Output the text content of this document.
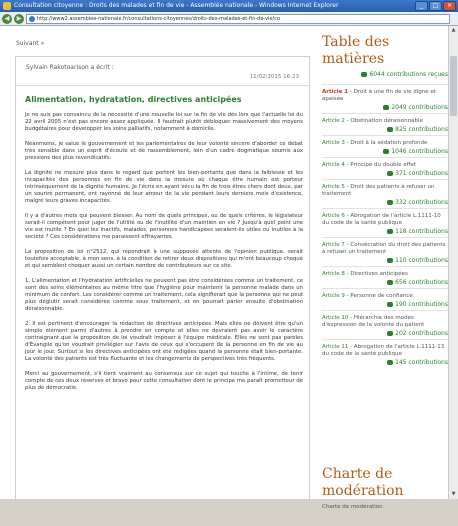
Consultation citoyenne : Droits des malades et fin de vie - Assemblée nationale - Windows Internet Explorer	_	□	×
◀	▶	http://www2.assemblee-nationale.fr/consultations-citoyennes/droits-des-malades-et-fin-de-vie/co
Suivant »
Sylvain Rakotoarison a écrit :
11/02/2015 16:23
Alimentation, hydratation, directives anticipées

Je ne suis pas convaincu de la nécessité d'une nouvelle loi sur la fin de vie dès lors que l'actuelle loi du 22 avril 2005 n'est pas encore assez appliquée. Il faudrait plutôt débloquer massivement des moyens budgétaires pour développer les soins palliatifs, notamment à domicile.

Néanmoins, je salue le gouvernement et les parlementaires de leur volonté sincère d'aborder ce débat très sensible dans un esprit d'écoute et de rassemblement, loin d'un cadre dogmatique soumis aux pressions des plus revendicatifs.

La dignité ne mesure plus dans le regard que portent les bien-portants que dans la faiblesse et les incapacités des personnes en fin de vie dans la mesure où chaque être humain est porteur intrinsèquement de la dignité humaine. Je l'écris en ayant vécu la fin de trois êtres chers dont deux, par un sourire permanent, ont rayonné de leur amour de la vie pendant leurs derniers mois d'existence, malgré leurs graves incapacités.

Il y a d'autres mots qui peuvent blesser. Au nom de quels principes, ou de quels critères, le législateur serait-il compétent pour juger de l'utilité ou de l'inutilité d'un maintien en vie ? Jusqu'à quel point une vie est inutile ? En quoi les inactifs, malades, personnes handicapées seraient-ils utiles ou inutiles à la société ? Ces considérations me paraissent effrayantes.

La proposition de loi n°2512, qui répondrait à une supposée attente de l'opinion publique, serait toutefois acceptable, à mon sens, à la condition de retirer deux dispositions qui m'ont beaucoup choqué et qui semblent choquer aussi un certain nombre de contributeurs sur ce site.

1. L'alimentation et l'hydratation artificielles ne peuvent pas être considérées comme un traitement, ce sont des soins élémentaires au même titre que l'hygiène pour maintenir la personne malade dans un minimum de confort. Les considérer comme un traitement, cela signifierait que la personne qui ne peut plus déglutir serait considérée comme sous traitement, et on pourrait parler ensuite d'obstination déraisonnable.

2. Il est pertinent d'encourager la rédaction de directives anticipées. Mais elles ne doivent être qu'un simple élément parmi d'autres à prendre en compte et elles ne devraient pas avoir le caractère contraignant que la proposition de loi voudrait imposer à l'équipe médicale. Elles ne sont pas paroles d'Évangile qu'on voudrait privilégier sur l'avis de ceux qui s'occupent de la personne en fin de vie au jour le jour. Surtout si les directives anticipées ont été rédigées quand la personne était bien-portante. La volonté des patients est très fluctuante et les changements de perspectives très fréquents.

Merci au gouvernement, s'il tient vraiment au consensus sur ce sujet qui touche à l'intime, de tenir compte de ces deux réserves et bravo pour cette consultation dont le principe me paraît prometteur de plus de démocratie.

Table des matières
6044 contributions reçues
Article 1 - Droit à une fin de vie digne et apaisée
2049 contributions
Article 2 - Obstination déraisonnable
825 contributions
Article 3 - Droit à la sédation profonde
1046 contributions
Article 4 - Principe du double effet
371 contributions
Article 5 - Droit des patients à refuser un traitement
332 contributions
Article 6 - Abrogation de l'article L.1111-10 du code de la santé publique
118 contributions
Article 7 - Consécration du droit des patients à refuser un traitement
110 contributions
Article 8 - Directives anticipées
656 contributions
Article 9 - Personne de confiance
190 contributions
Article 10 - Hiérarchie des modes d'expression de la volonté du patient
202 contributions
Article 11 - Abrogation de l'article L.1111-13 du code de la santé publique
145 contributions
Charte de modération
Charte de modération
▲
▼
